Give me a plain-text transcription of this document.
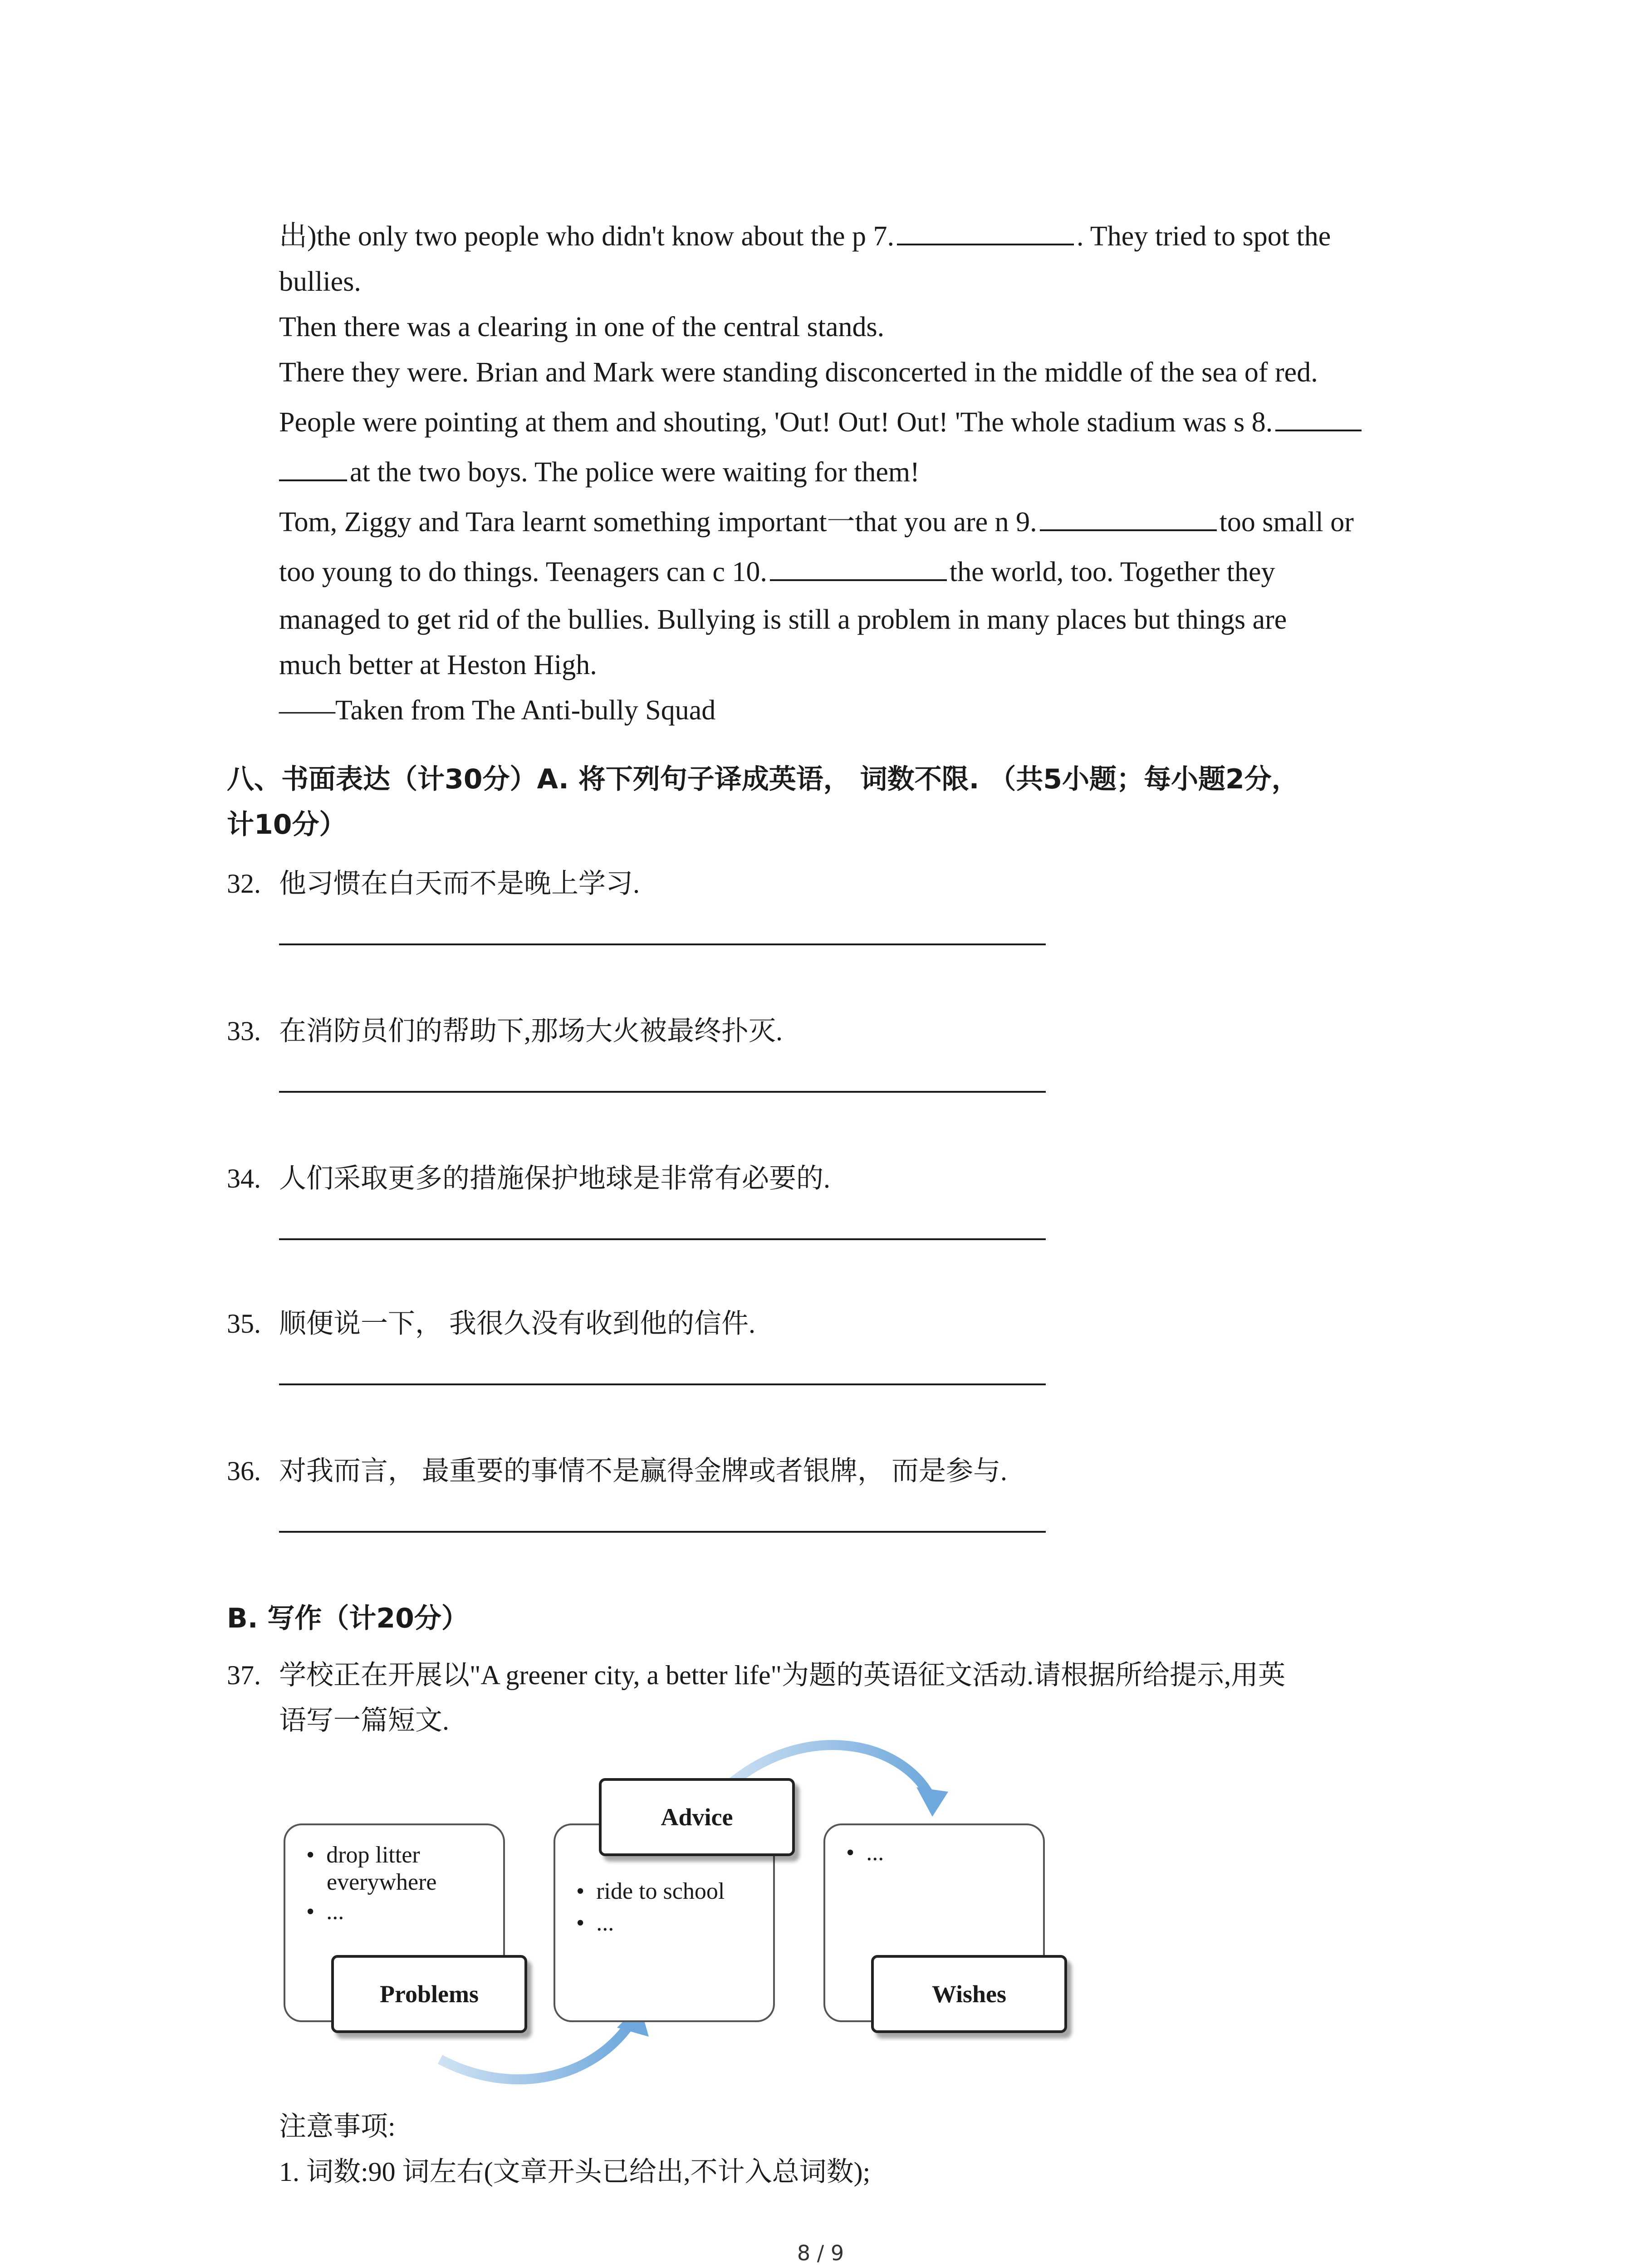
出)the only two people who didn't know about the p 7.	. They tried to spot the
bullies.
Then there was a clearing in one of the central stands.
There they were. Brian and Mark were standing disconcerted in the middle of the sea of red.
People were pointing at them and shouting, 'Out! Out! Out! 'The whole stadium was s 8.
at the two boys. The police were waiting for them!
Tom, Ziggy and Tara learnt something important一that you are n 9.	too small or
too young to do things. Teenagers can c 10.	the world, too. Together they
managed to get rid of the bullies. Bullying is still a problem in many places but things are
much better at Heston High.
——Taken from The Anti-bully Squad
八、书面表达（计30分）A. 将下列句子译成英语， 词数不限. （共5小题；每小题2分，
计10分）
32. 他习惯在白天而不是晚上学习.
33. 在消防员们的帮助下,那场大火被最终扑灭.
34. 人们采取更多的措施保护地球是非常有必要的.
35. 顺便说一下， 我很久没有收到他的信件.
36. 对我而言， 最重要的事情不是赢得金牌或者银牌， 而是参与.
B. 写作（计20分）
37. 学校正在开展以"A greener city, a better life"为题的英语征文活动.请根据所给提示,用英
语写一篇短文.
•  drop litter
everywhere
•  ...
Problems
Advice
•  ride to school
•  ...
•  ...
Wishes
注意事项:
1. 词数:90 词左右(文章开头已给出,不计入总词数);
8 / 9
